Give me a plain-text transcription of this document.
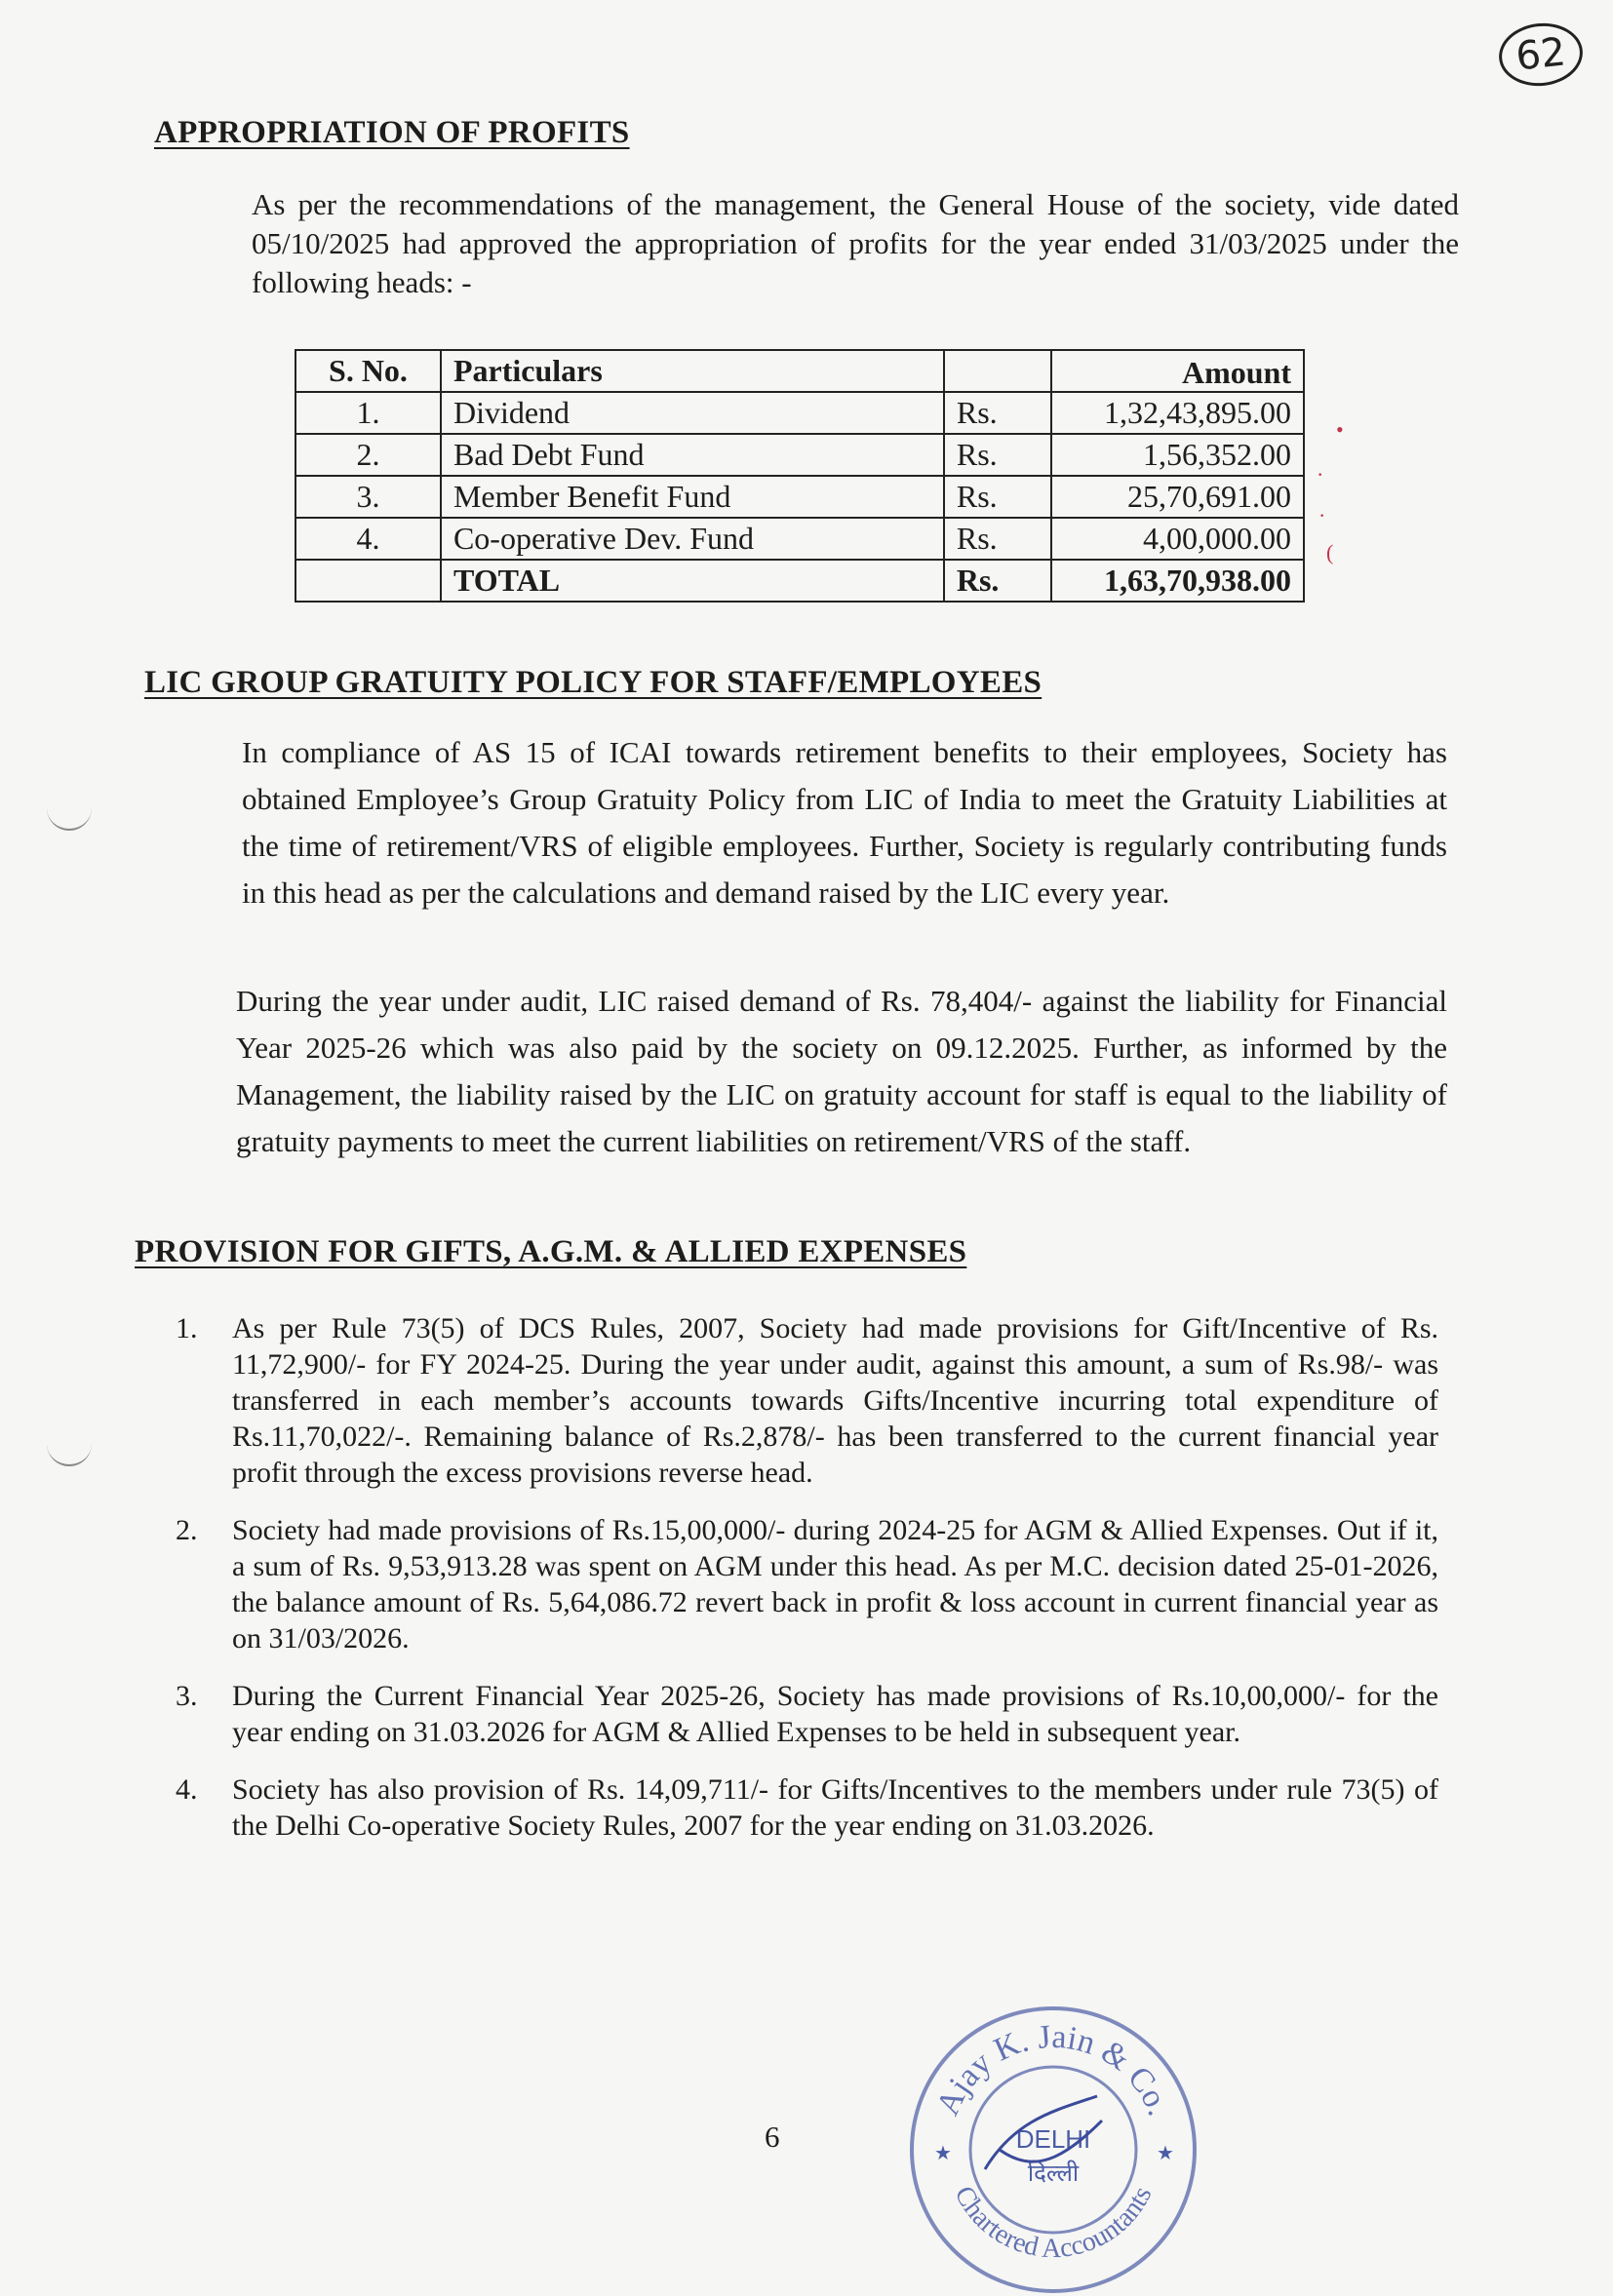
62
APPROPRIATION OF PROFITS
As per the recommendations of the management, the General House of the society, vide dated 05/10/2025 had approved the appropriation of profits for the year ended 31/03/2025 under the following heads: -
S. No.	Particulars		Amount
1.	Dividend	Rs.	1,32,43,895.00
2.	Bad Debt Fund	Rs.	1,56,352.00
3.	Member Benefit Fund	Rs.	25,70,691.00
4.	Co-operative Dev. Fund	Rs.	4,00,000.00
	TOTAL	Rs.	1,63,70,938.00
•
·
·
(
LIC GROUP GRATUITY POLICY FOR STAFF/EMPLOYEES
In compliance of AS 15 of ICAI towards retirement benefits to their employees, Society has obtained Employee’s Group Gratuity Policy from LIC of India to meet the Gratuity Liabilities at the time of retirement/VRS of eligible employees. Further, Society is regularly contributing funds in this head as per the calculations and demand raised by the LIC every year.
During the year under audit, LIC raised demand of Rs. 78,404/- against the liability for Financial Year 2025-26 which was also paid by the society on 09.12.2025. Further, as informed by the Management, the liability raised by the LIC on gratuity account for staff is equal to the liability of gratuity payments to meet the current liabilities on retirement/VRS of the staff.
PROVISION FOR GIFTS, A.G.M. & ALLIED EXPENSES
1. As per Rule 73(5) of DCS Rules, 2007, Society had made provisions for Gift/Incentive of Rs. 11,72,900/- for FY 2024-25. During the year under audit, against this amount, a sum of Rs.98/- was transferred in each member’s accounts towards Gifts/Incentive incurring total expenditure of Rs.11,70,022/-. Remaining balance of Rs.2,878/- has been transferred to the current financial year profit through the excess provisions reverse head.
2. Society had made provisions of Rs.15,00,000/- during 2024-25 for AGM & Allied Expenses. Out if it, a sum of Rs. 9,53,913.28 was spent on AGM under this head. As per M.C. decision dated 25-01-2026, the balance amount of Rs. 5,64,086.72 revert back in profit & loss account in current financial year as on 31/03/2026.
3. During the Current Financial Year 2025-26, Society has made provisions of Rs.10,00,000/- for the year ending on 31.03.2026 for AGM & Allied Expenses to be held in subsequent year.
4. Society has also provision of Rs. 14,09,711/- for Gifts/Incentives to the members under rule 73(5) of the Delhi Co-operative Society Rules, 2007 for the year ending on 31.03.2026.
Ajay K. Jain & Co.
Chartered Accountants
DELHI
दिल्ली
★	★
6
